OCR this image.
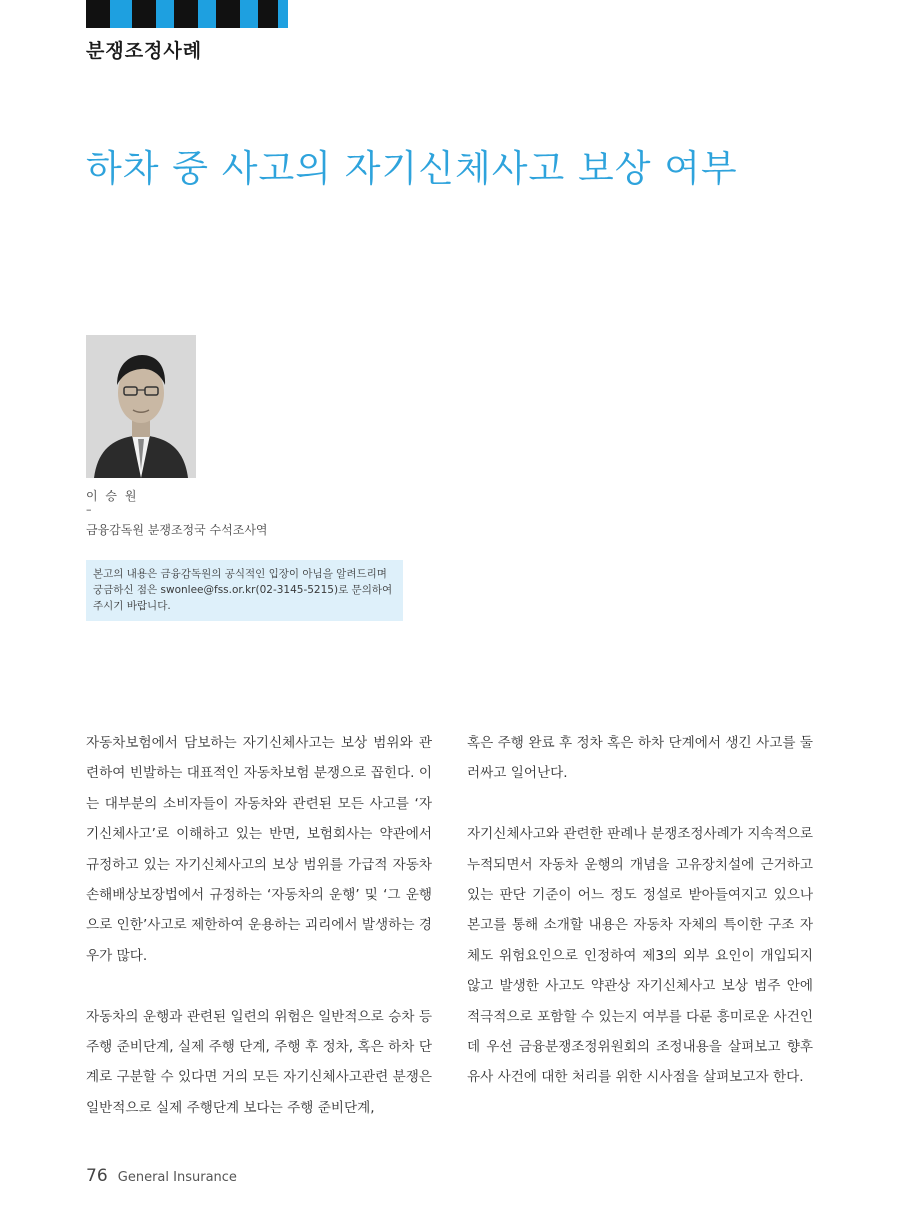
분쟁조정사례
하차 중 사고의 자기신체사고 보상 여부
이 승 원
–
금융감독원 분쟁조정국 수석조사역
본고의 내용은 금융감독원의 공식적인 입장이 아님을 알려드리며 궁금하신 점은 swonlee@fss.or.kr(02-3145-5215)로 문의하여 주시기 바랍니다.

자동차보험에서 담보하는 자기신체사고는 보상 범위와 관련하여 빈발하는 대표적인 자동차보험 분쟁으로 꼽힌다. 이는 대부분의 소비자들이 자동차와 관련된 모든 사고를 ‘자기신체사고’로 이해하고 있는 반면, 보험회사는 약관에서 규정하고 있는 자기신체사고의 보상 범위를 가급적 자동차손해배상보장법에서 규정하는 ‘자동차의 운행’ 및 ‘그 운행으로 인한’사고로 제한하여 운용하는 괴리에서 발생하는 경우가 많다.

자동차의 운행과 관련된 일련의 위험은 일반적으로 승차 등 주행 준비단계, 실제 주행 단계, 주행 후 정차, 혹은 하차 단계로 구분할 수 있다면 거의 모든 자기신체사고관련 분쟁은 일반적으로 실제 주행단계 보다는 주행 준비단계,

혹은 주행 완료 후 정차 혹은 하차 단계에서 생긴 사고를 둘러싸고 일어난다.

자기신체사고와 관련한 판례나 분쟁조정사례가 지속적으로 누적되면서 자동차 운행의 개념을 고유장치설에 근거하고 있는 판단 기준이 어느 정도 정설로 받아들여지고 있으나 본고를 통해 소개할 내용은 자동차 자체의 특이한 구조 자체도 위험요인으로 인정하여 제3의 외부 요인이 개입되지 않고 발생한 사고도 약관상 자기신체사고 보상 범주 안에 적극적으로 포함할 수 있는지 여부를 다룬 흥미로운 사건인데 우선 금융분쟁조정위원회의 조정내용을 살펴보고 향후 유사 사건에 대한 처리를 위한 시사점을 살펴보고자 한다.

76 General Insurance
